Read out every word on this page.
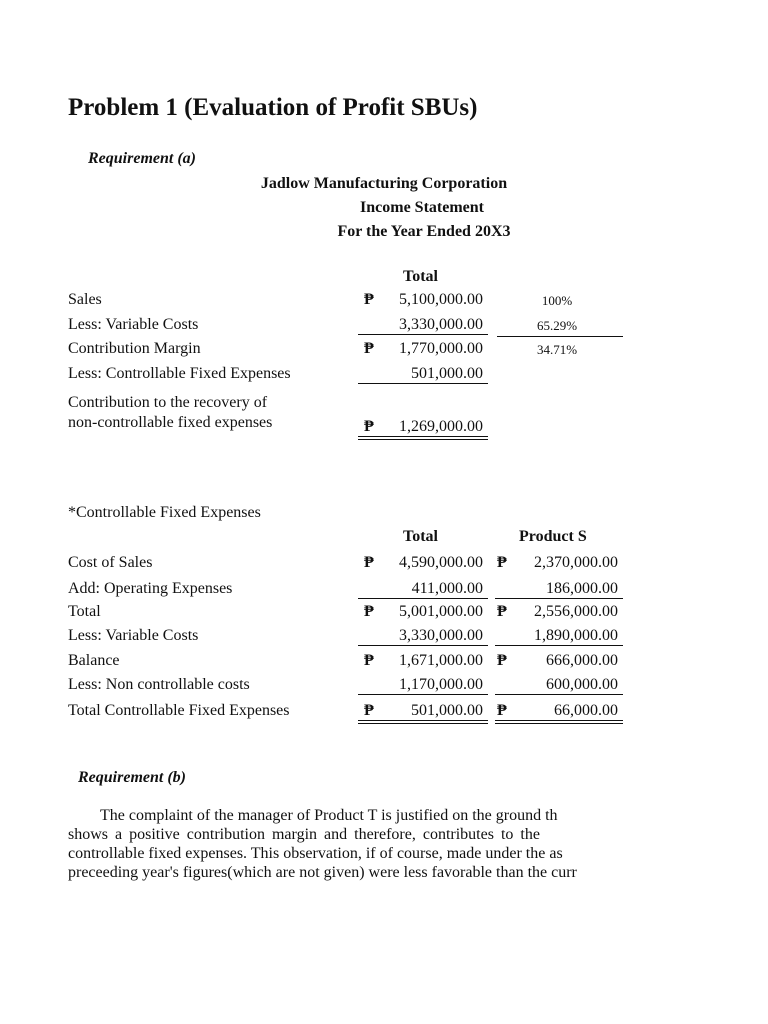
Problem 1 (Evaluation of Profit SBUs)
Requirement (a)
Jadlow Manufacturing Corporation
Income Statement
For the Year Ended 20X3
Total
Sales	₱	5,100,000.00	100%
Less: Variable Costs	3,330,000.00	65.29%
Contribution Margin	₱	1,770,000.00	34.71%
Less: Controllable Fixed Expenses	501,000.00
Contribution to the recovery of
non-controllable fixed expenses	₱	1,269,000.00
*Controllable Fixed Expenses
Total	Product S
Cost of Sales	₱	4,590,000.00 ₱	2,370,000.00
Add: Operating Expenses	411,000.00	186,000.00
Total	₱	5,001,000.00 ₱	2,556,000.00
Less: Variable Costs	3,330,000.00	1,890,000.00
Balance	₱	1,671,000.00 ₱	666,000.00
Less: Non controllable costs	1,170,000.00	600,000.00
Total Controllable Fixed Expenses	₱	501,000.00 ₱	66,000.00
Requirement (b)

The complaint of the manager of Product T is justified on the ground th

shows a positive contribution margin and therefore, contributes to the

controllable fixed expenses. This observation, if of course, made under the as

preceeding year's figures(which are not given) were less favorable than the curr
